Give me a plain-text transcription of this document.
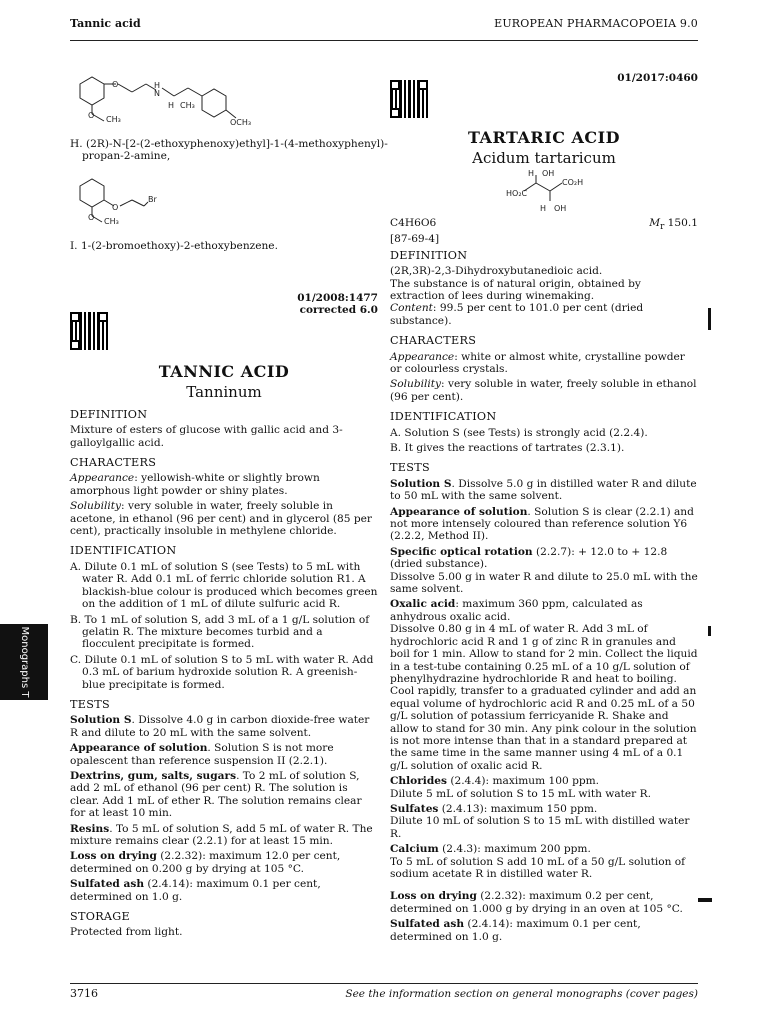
Tannic acid	EUROPEAN PHARMACOPOEIA 9.0
3716	See the information section on general monographs (cover pages)
Monographs T
O	H
N
O CH₃
H CH₃
OCH₃
H. (2R)-N-[2-(2-ethoxyphenoxy)ethyl]-1-(4-methoxyphenyl)-propan-2-amine,
O
Br
O CH₃
I. 1-(2-bromoethoxy)-2-ethoxybenzene.
01/2008:1477
corrected 6.0
TANNIC ACID
Tanninum
DEFINITION

Mixture of esters of glucose with gallic acid and 3-galloylgallic acid.

CHARACTERS

Appearance: yellowish-white or slightly brown amorphous light powder or shiny plates.

Solubility: very soluble in water, freely soluble in acetone, in ethanol (96 per cent) and in glycerol (85 per cent), practically insoluble in methylene chloride.

IDENTIFICATION

A. Dilute 0.1 mL of solution S (see Tests) to 5 mL with water R. Add 0.1 mL of ferric chloride solution R1. A blackish-blue colour is produced which becomes green on the addition of 1 mL of dilute sulfuric acid R.

B. To 1 mL of solution S, add 3 mL of a 1 g/L solution of gelatin R. The mixture becomes turbid and a flocculent precipitate is formed.

C. Dilute 0.1 mL of solution S to 5 mL with water R. Add 0.3 mL of barium hydroxide solution R. A greenish-blue precipitate is formed.

TESTS

Solution S. Dissolve 4.0 g in carbon dioxide-free water R and dilute to 20 mL with the same solvent.

Appearance of solution. Solution S is not more opalescent than reference suspension II (2.2.1).

Dextrins, gum, salts, sugars. To 2 mL of solution S, add 2 mL of ethanol (96 per cent) R. The solution is clear. Add 1 mL of ether R. The solution remains clear for at least 10 min.

Resins. To 5 mL of solution S, add 5 mL of water R. The mixture remains clear (2.2.1) for at least 15 min.

Loss on drying (2.2.32): maximum 12.0 per cent, determined on 0.200 g by drying at 105 °C.

Sulfated ash (2.4.14): maximum 0.1 per cent, determined on 1.0 g.

STORAGE

Protected from light.

01/2017:0460
TARTARIC ACID
Acidum tartaricum
H OH
CO₂H
HO₂C
H OH
C4H6O6	$M_r$ 150.1

[87-69-4]

DEFINITION

(2R,3R)-2,3-Dihydroxybutanedioic acid.

The substance is of natural origin, obtained by extraction of lees during winemaking.

Content: 99.5 per cent to 101.0 per cent (dried substance).

CHARACTERS

Appearance: white or almost white, crystalline powder or colourless crystals.

Solubility: very soluble in water, freely soluble in ethanol (96 per cent).

IDENTIFICATION

A. Solution S (see Tests) is strongly acid (2.2.4).

B. It gives the reactions of tartrates (2.3.1).

TESTS

Solution S. Dissolve 5.0 g in distilled water R and dilute to 50 mL with the same solvent.

Appearance of solution. Solution S is clear (2.2.1) and not more intensely coloured than reference solution Y6 (2.2.2, Method II).

Specific optical rotation (2.2.7): + 12.0 to + 12.8 (dried substance).

Dissolve 5.00 g in water R and dilute to 25.0 mL with the same solvent.

Oxalic acid: maximum 360 ppm, calculated as anhydrous oxalic acid.

Dissolve 0.80 g in 4 mL of water R. Add 3 mL of hydrochloric acid R and 1 g of zinc R in granules and boil for 1 min. Allow to stand for 2 min. Collect the liquid in a test-tube containing 0.25 mL of a 10 g/L solution of phenylhydrazine hydrochloride R and heat to boiling. Cool rapidly, transfer to a graduated cylinder and add an equal volume of hydrochloric acid R and 0.25 mL of a 50 g/L solution of potassium ferricyanide R. Shake and allow to stand for 30 min. Any pink colour in the solution is not more intense than that in a standard prepared at the same time in the same manner using 4 mL of a 0.1 g/L solution of oxalic acid R.

Chlorides (2.4.4): maximum 100 ppm.

Dilute 5 mL of solution S to 15 mL with water R.

Sulfates (2.4.13): maximum 150 ppm.

Dilute 10 mL of solution S to 15 mL with distilled water R.

Calcium (2.4.3): maximum 200 ppm.

To 5 mL of solution S add 10 mL of a 50 g/L solution of sodium acetate R in distilled water R.

Loss on drying (2.2.32): maximum 0.2 per cent, determined on 1.000 g by drying in an oven at 105 °C.

Sulfated ash (2.4.14): maximum 0.1 per cent, determined on 1.0 g.
